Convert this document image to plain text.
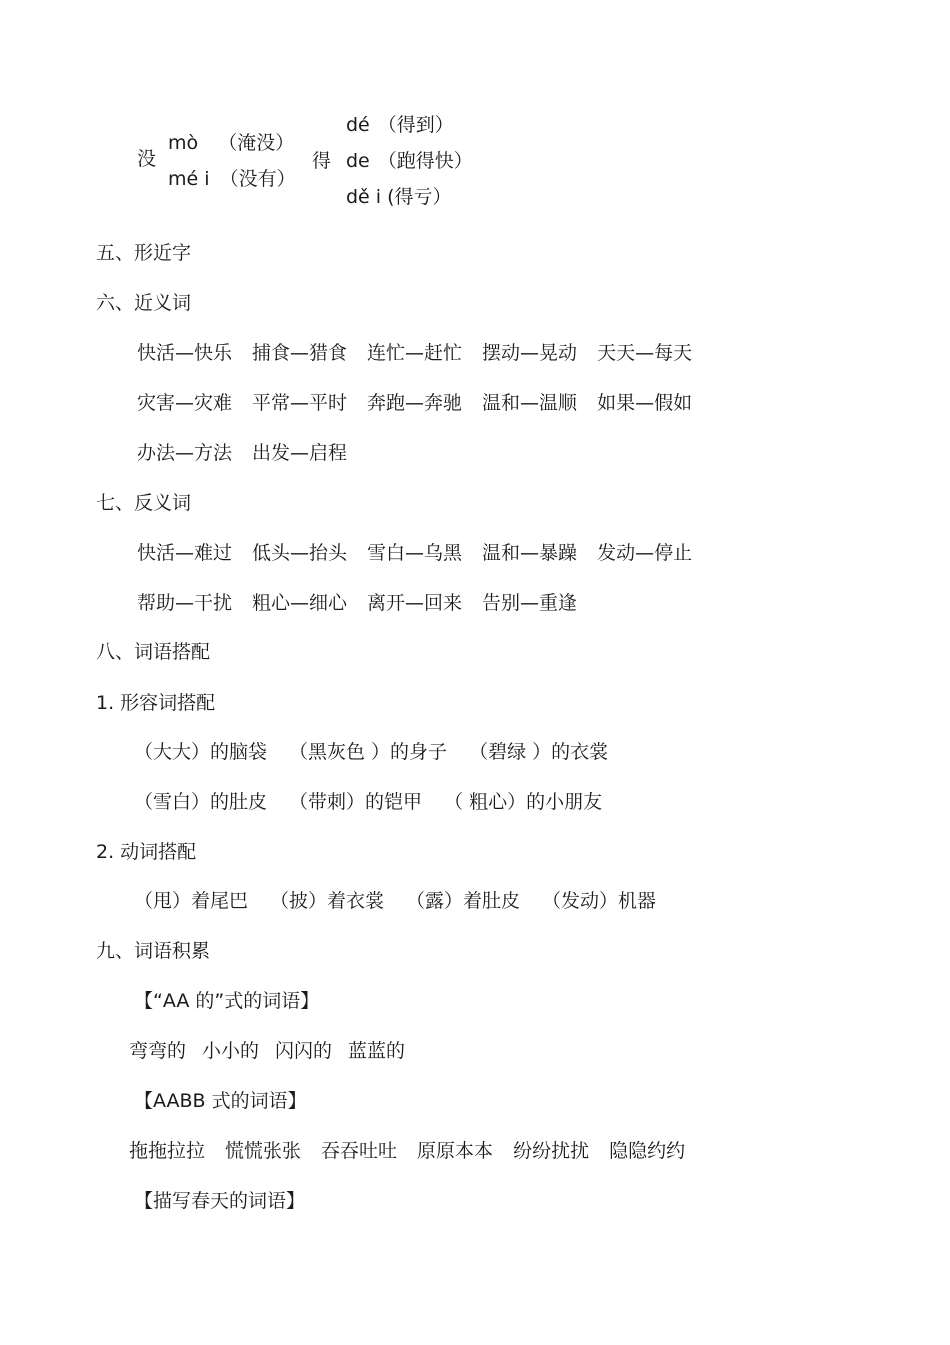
没
mò （淹没）
mé i （没有）
得
dé （得到）
de （跑得快）
dě i (得亏）
五、形近字
六、近义词
快活—快乐 捕食—猎食 连忙—赶忙 摆动—晃动 天天—每天
灾害—灾难 平常—平时 奔跑—奔驰 温和—温顺 如果—假如
办法—方法 出发—启程
七、反义词
快活—难过 低头—抬头 雪白—乌黑 温和—暴躁 发动—停止
帮助—干扰 粗心—细心 离开—回来 告别—重逢
八、词语搭配
1. 形容词搭配
（大大）的脑袋 （黑灰色 ）的身子 （碧绿 ）的衣裳
（雪白）的肚皮 （带刺）的铠甲 （ 粗心）的小朋友
2. 动词搭配
（甩）着尾巴 （披）着衣裳 （露）着肚皮 （发动）机器
九、词语积累
【“AA 的”式的词语】
弯弯的 小小的 闪闪的 蓝蓝的
【AABB 式的词语】
拖拖拉拉 慌慌张张 吞吞吐吐 原原本本 纷纷扰扰 隐隐约约
【描写春天的词语】
